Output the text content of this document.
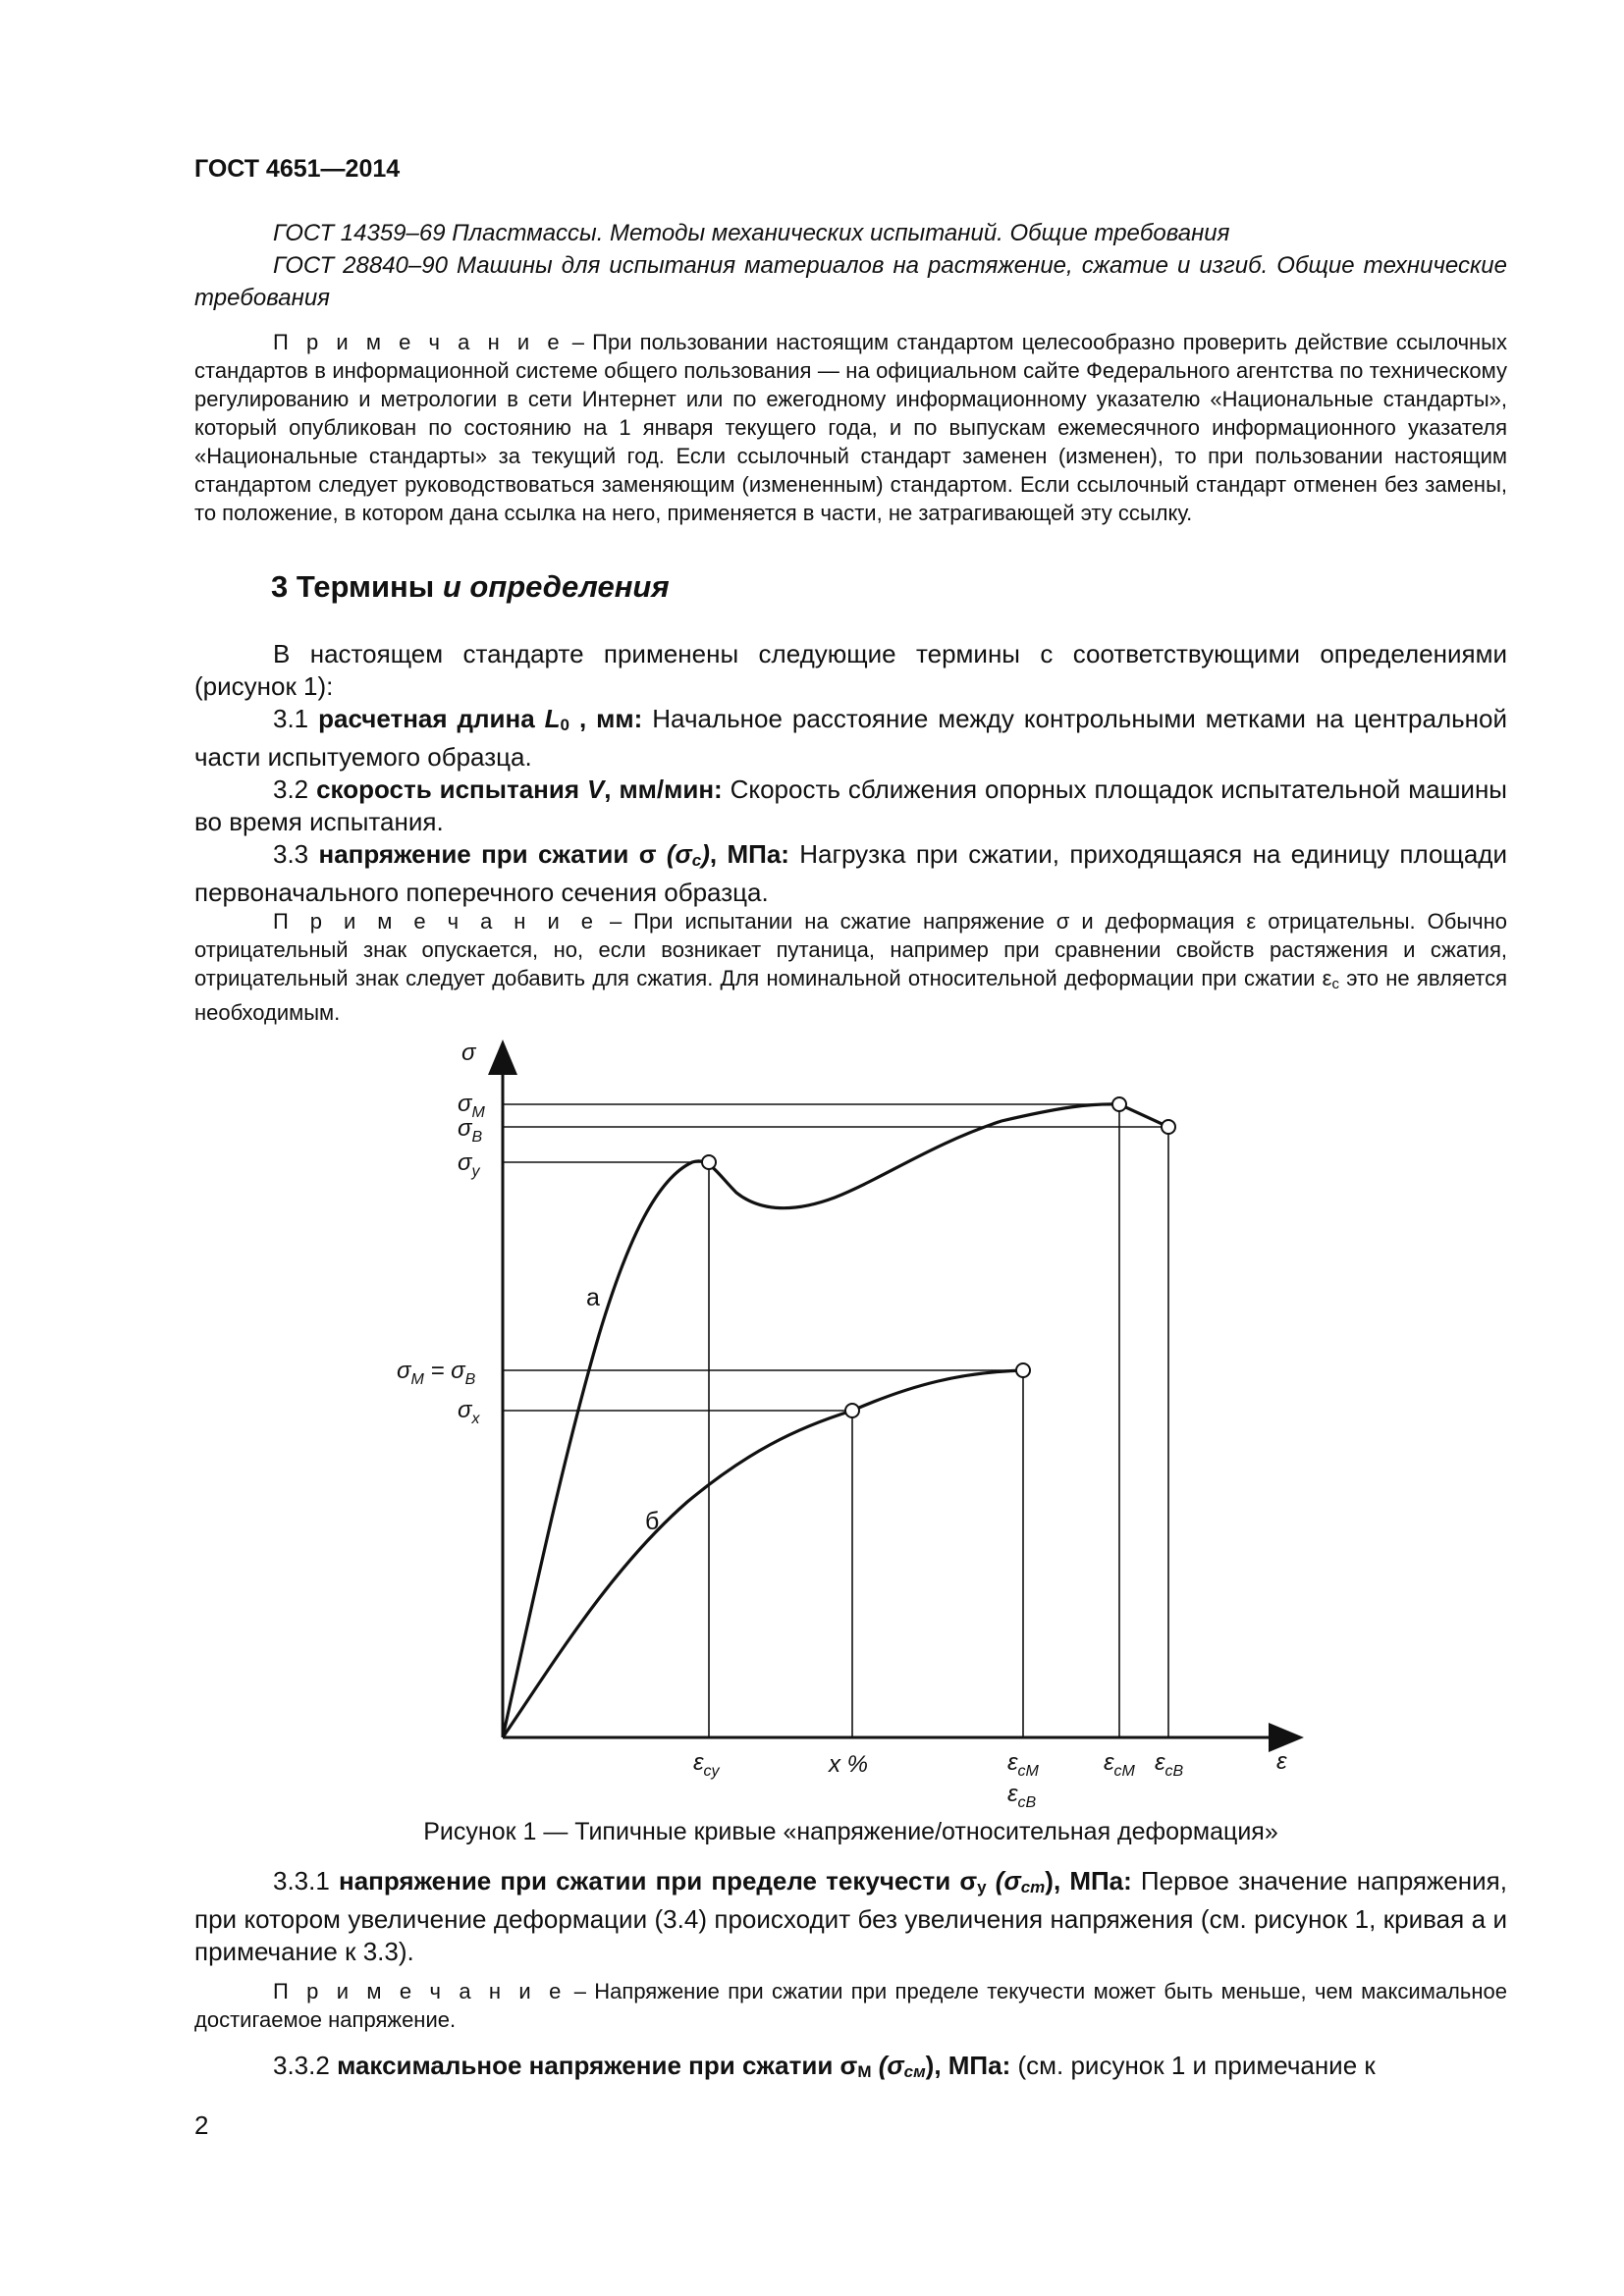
ГОСТ 4651—2014
ГОСТ 14359–69 Пластмассы. Методы механических испытаний. Общие требования
ГОСТ 28840–90 Машины для испытания материалов на растяжение, сжатие и изгиб. Общие технические требования
П р и м е ч а н и е – При пользовании настоящим стандартом целесообразно проверить действие ссылочных стандартов в информационной системе общего пользования — на официальном сайте Федерального агентства по техническому регулированию и метрологии в сети Интернет или по ежегодному информационному указателю «Национальные стандарты», который опубликован по состоянию на 1 января текущего года, и по выпускам ежемесячного информационного указателя «Национальные стандарты» за текущий год. Если ссылочный стандарт заменен (изменен), то при пользовании настоящим стандартом следует руководствоваться заменяющим (измененным) стандартом. Если ссылочный стандарт отменен без замены, то положение, в котором дана ссылка на него, применяется в части, не затрагивающей эту ссылку.
3 Термины и определения
В настоящем стандарте применены следующие термины с соответствующими определениями (рисунок 1):
3.1 расчетная длина L0 , мм: Начальное расстояние между контрольными метками на центральной части испытуемого образца.
3.2 скорость испытания V, мм/мин: Скорость сближения опорных площадок испытательной машины во время испытания.
3.3 напряжение при сжатии σ (σс), МПа: Нагрузка при сжатии, приходящаяся на единицу площади первоначального поперечного сечения образца.
П р и м е ч а н и е – При испытании на сжатие напряжение σ и деформация ε отрицательны. Обычно отрицательный знак опускается, но, если возникает путаница, например при сравнении свойств растяжения и сжатия, отрицательный знак следует добавить для сжатия. Для номинальной относительной деформации при сжатии εс это не является необходимым.
σ
$\sigma_М$
$\sigma_В$
$\sigma_y$
$\sigma_М = \sigma_В$
$\sigma_x$
$\varepsilon_{cy}$	x %	$\varepsilon_{cM}$
$\varepsilon_{cB}$
$\varepsilon_{cM}$ $\varepsilon_{cB}$	ε
а
б
Рисунок 1 — Типичные кривые «напряжение/относительная деформация»
3.3.1 напряжение при сжатии при пределе текучести σy (σст), МПа: Первое значение напряжения, при котором увеличение деформации (3.4) происходит без увеличения напряжения (см. рисунок 1, кривая а и примечание к 3.3).
П р и м е ч а н и е – Напряжение при сжатии при пределе текучести может быть меньше, чем максимальное достигаемое напряжение.
3.3.2 максимальное напряжение при сжатии σМ (σсм), МПа: (см. рисунок 1 и примечание к
2
